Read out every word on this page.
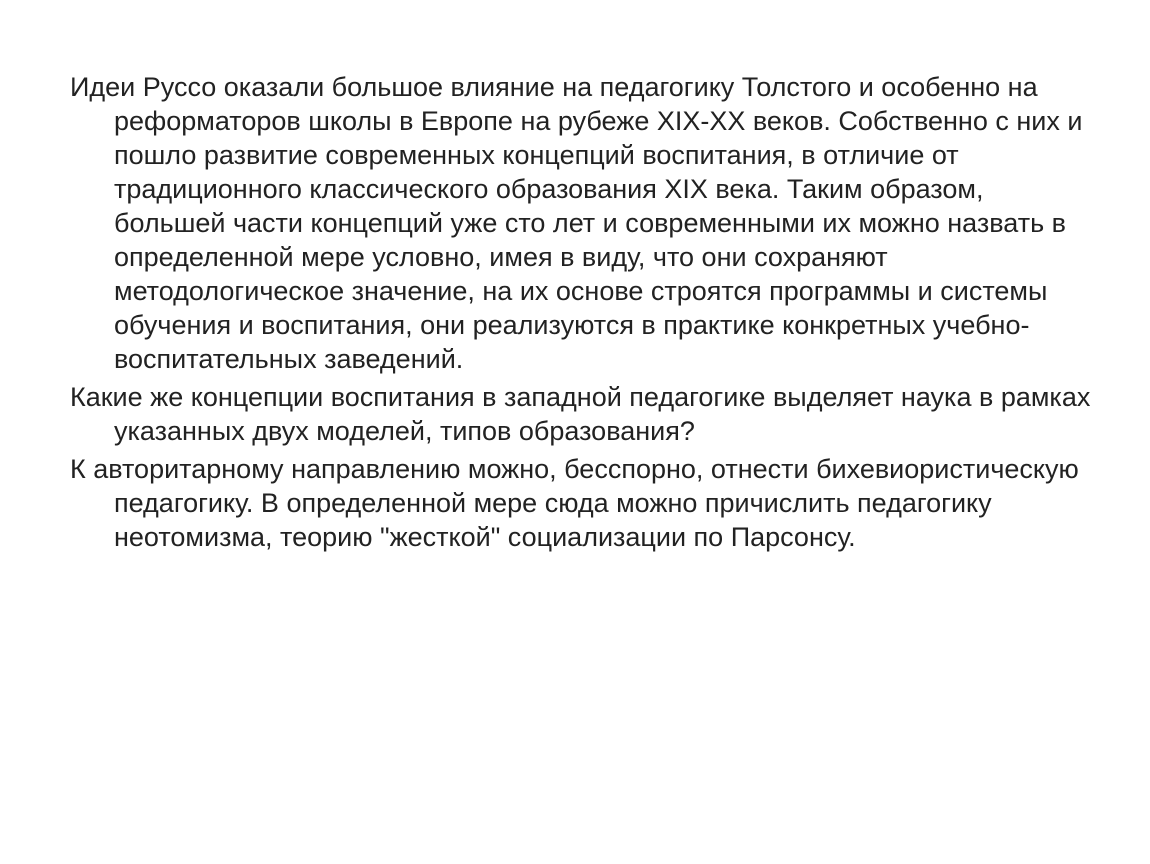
Идеи Руссо оказали большое влияние на педагогику Толстого и особенно на реформаторов школы в Европе на рубеже XIX-XX веков. Собственно с них и пошло развитие современных концепций воспитания, в отличие от традиционного классического образования XIX века. Таким образом, большей части концепций уже сто лет и современными их можно назвать в определенной мере условно, имея в виду, что они сохраняют методологическое значение, на их основе строятся программы и системы обучения и воспитания, они реализуются в практике конкретных учебно-воспитательных заведений.

Какие же концепции воспитания в западной педагогике выделяет наука в рамках указанных двух моделей, типов образования?

К авторитарному направлению можно, бесспорно, отнести бихевиористическую педагогику. В определенной мере сюда можно причислить педагогику неотомизма, теорию "жесткой" социализации по Парсонсу.
